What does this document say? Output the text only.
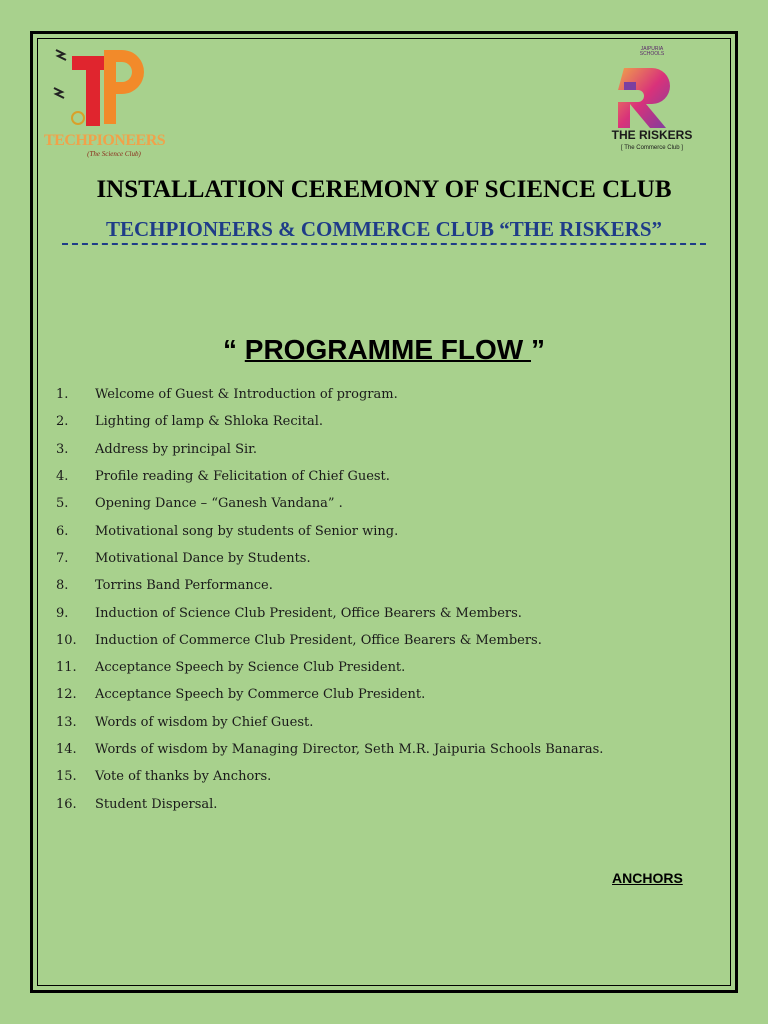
TECHPIONEERS
(The Science Club)
JAIPURIA SCHOOLS
THE RISKERS
[ The Commerce Club ]
INSTALLATION CEREMONY OF SCIENCE CLUB
TECHPIONEERS & COMMERCE CLUB “THE RISKERS”
“ PROGRAMME FLOW ”
1.	Welcome of Guest & Introduction of program.
2.	Lighting of lamp & Shloka Recital.
3.	Address by principal Sir.
4.	Profile reading & Felicitation of Chief Guest.
5.	Opening Dance – “Ganesh Vandana” .
6.	Motivational song by students of Senior wing.
7.	Motivational Dance by Students.
8.	Torrins Band Performance.
9.	Induction of Science Club President, Office Bearers & Members.
10.	Induction of Commerce Club President, Office Bearers & Members.
11.	Acceptance Speech by Science Club President.
12.	Acceptance Speech by Commerce Club President.
13.	Words of wisdom by Chief Guest.
14.	Words of wisdom by Managing Director, Seth M.R. Jaipuria Schools Banaras.
15.	Vote of thanks by Anchors.
16.	Student Dispersal.
ANCHORS
